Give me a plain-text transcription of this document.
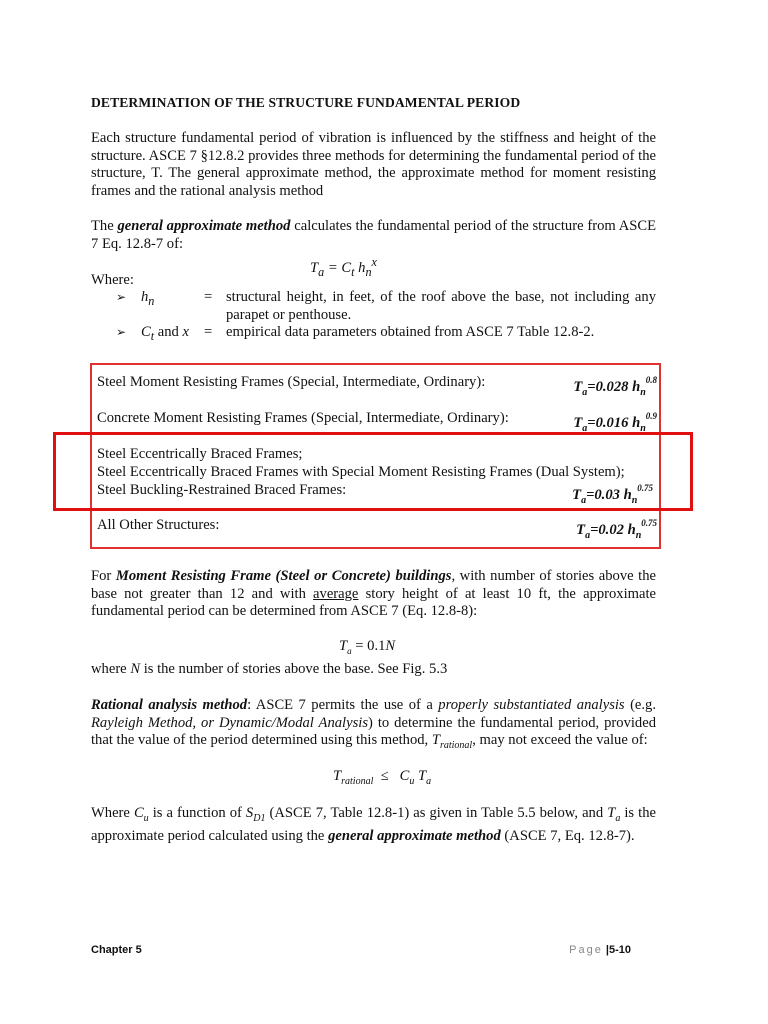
DETERMINATION OF THE STRUCTURE FUNDAMENTAL PERIOD
Each structure fundamental period of vibration is influenced by the stiffness and height of the structure. ASCE 7 §12.8.2 provides three methods for determining the fundamental period of the structure, T. The general approximate method, the approximate method for moment resisting frames and the rational analysis method
The general approximate method calculates the fundamental period of the structure from ASCE 7 Eq. 12.8-7 of:
$T_a = C_t$ $h_n^x$
Where:
➢ $h_n$	= structural height, in feet, of the roof above the base, not including any parapet or penthouse.
➢ $C_t$ and x = empirical data parameters obtained from ASCE 7 Table 12.8-2.
Steel Moment Resisting Frames (Special, Intermediate, Ordinary):	$T_a=0.028$ $h_n^{0.8}$
Concrete Moment Resisting Frames (Special, Intermediate, Ordinary):	$T_a=0.016$ $h_n^{0.9}$
Steel Eccentrically Braced Frames;
Steel Eccentrically Braced Frames with Special Moment Resisting Frames (Dual System);
Steel Buckling-Restrained Braced Frames:	$T_a=0.03$ $h_n^{0.75}$
All Other Structures:	$T_a=0.02$ $h_n^{0.75}$
For Moment Resisting Frame (Steel or Concrete) buildings, with number of stories above the base not greater than 12 and with average story height of at least 10 ft, the approximate fundamental period can be determined from ASCE 7 (Eq. 12.8-8):
$T_a = 0.1N$
where N is the number of stories above the base. See Fig. 5.3
Rational analysis method: ASCE 7 permits the use of a properly substantiated analysis (e.g. Rayleigh Method, or Dynamic/Modal Analysis) to determine the fundamental period, provided that the value of the period determined using this method, $T_{rational}$, may not exceed the value of:
$T_{rational} \le C_u$ $T_a$
Where $C_u$ is a function of $S_{D1}$ (ASCE 7, Table 12.8-1) as given in Table 5.5 below, and $T_a$ is the approximate period calculated using the general approximate method (ASCE 7, Eq. 12.8-7).
Chapter 5	Page |5-10
